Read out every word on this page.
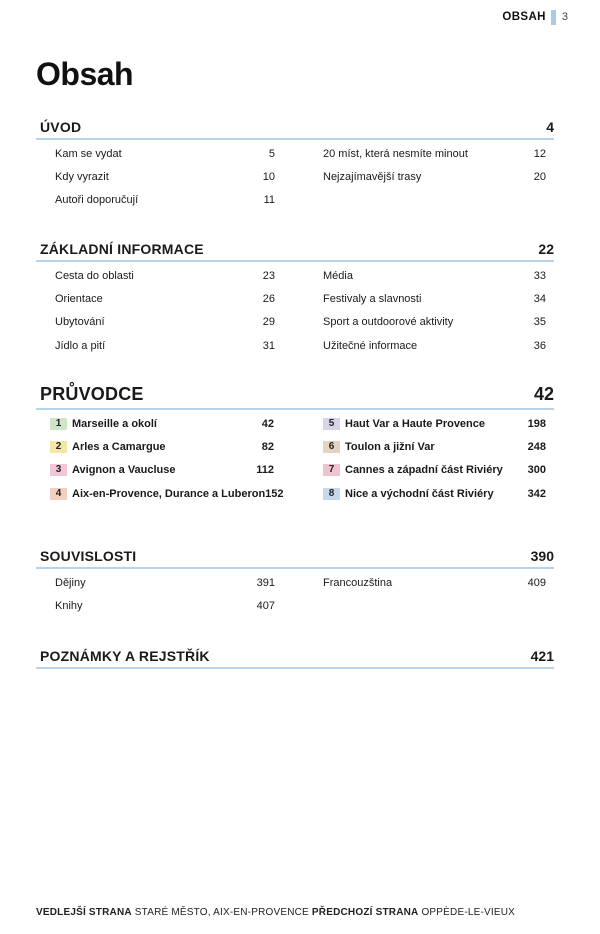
OBSAH 3
Obsah
ÚVOD	4
Kam se vydat	5
Kdy vyrazit	10
Autoři doporučují	11
20 míst, která nesmíte minout	12
Nejzajímavější trasy	20
ZÁKLADNÍ INFORMACE	22
Cesta do oblasti	23
Orientace	26
Ubytování	29
Jídlo a pití	31
Média	33
Festivaly a slavnosti	34
Sport a outdoorové aktivity	35
Užitečné informace	36
PRŮVODCE	42
1 Marseille a okolí	42
2 Arles a Camargue	82
3 Avignon a Vaucluse	112
4 Aix-en-Provence, Durance a Luberon 152
5 Haut Var a Haute Provence	198
6 Toulon a jižní Var	248
7 Cannes a západní část Riviéry 300
8 Nice a východní část Riviéry	342
SOUVISLOSTI	390
Dějiny	391
Knihy	407
Francouzština	409
POZNÁMKY A REJSTŘÍK	421
VEDLEJŠÍ STRANA STARÉ MĚSTO, AIX-EN-PROVENCE PŘEDCHOZÍ STRANA OPPÈDE-LE-VIEUX
